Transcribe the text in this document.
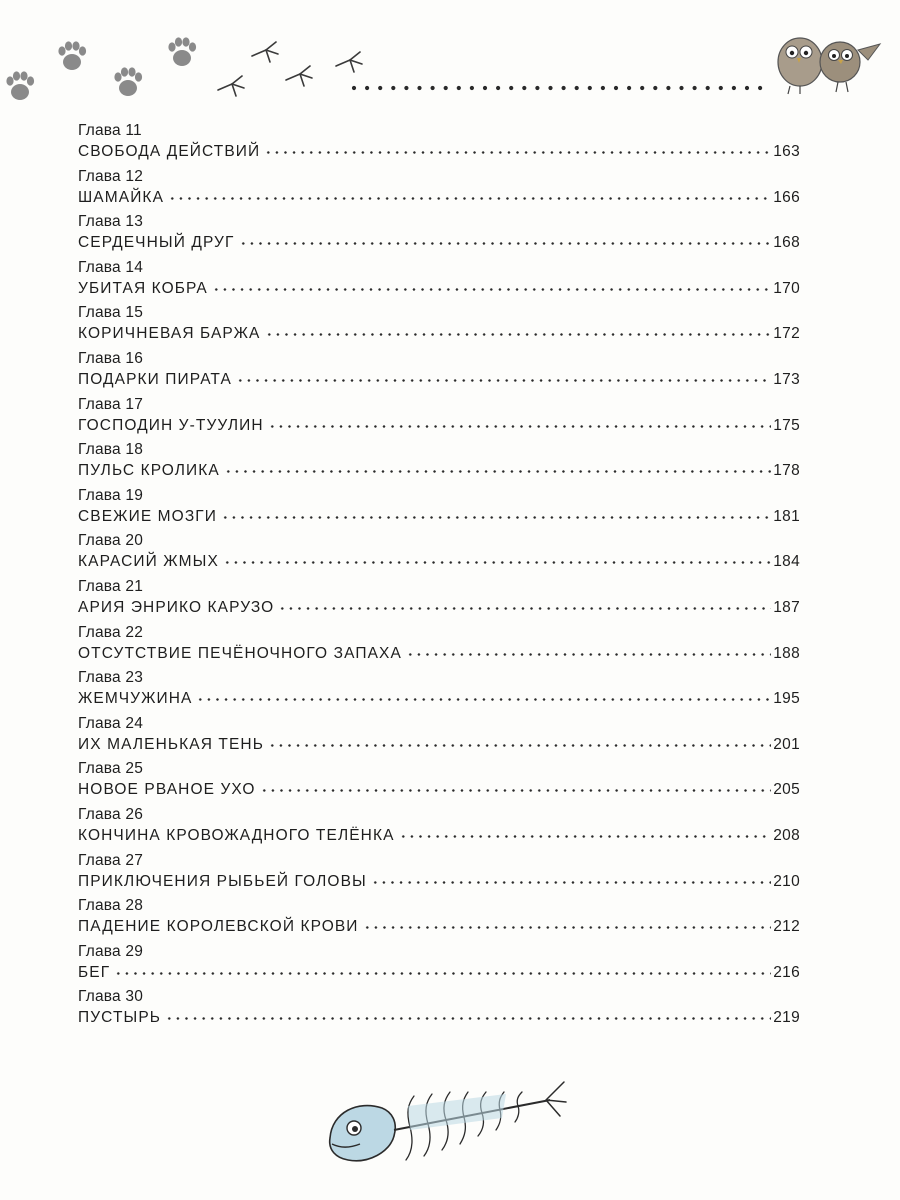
Глава 11
СВОБОДА ДЕЙСТВИЙ	163
Глава 12
ШАМАЙКА	166
Глава 13
СЕРДЕЧНЫЙ ДРУГ	168
Глава 14
УБИТАЯ КОБРА	170
Глава 15
КОРИЧНЕВАЯ БАРЖА	172
Глава 16
ПОДАРКИ ПИРАТА	173
Глава 17
ГОСПОДИН У-ТУУЛИН	175
Глава 18
ПУЛЬС КРОЛИКА	178
Глава 19
СВЕЖИЕ МОЗГИ	181
Глава 20
КАРАСИЙ ЖМЫХ	184
Глава 21
АРИЯ ЭНРИКО КАРУЗО	187
Глава 22
ОТСУТСТВИЕ ПЕЧЁНОЧНОГО ЗАПАХА	188
Глава 23
ЖЕМЧУЖИНА	195
Глава 24
ИХ МАЛЕНЬКАЯ ТЕНЬ	201
Глава 25
НОВОЕ РВАНОЕ УХО	205
Глава 26
КОНЧИНА КРОВОЖАДНОГО ТЕЛЁНКА	208
Глава 27
ПРИКЛЮЧЕНИЯ РЫБЬЕЙ ГОЛОВЫ	210
Глава 28
ПАДЕНИЕ КОРОЛЕВСКОЙ КРОВИ	212
Глава 29
БЕГ	216
Глава 30
ПУСТЫРЬ	219
